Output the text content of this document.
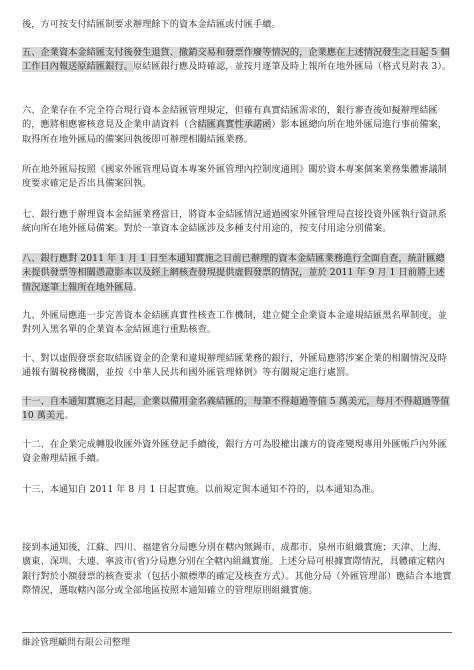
後，方可按支付結匯制要求辦理餘下的資本金結匯或付匯手續。

五、企業資本金結匯支付後發生退貨、撤銷交易和發票作廢等情況的，企業應在上述情況發生之日起 5 個工作日內報送原結匯銀行。原結匯銀行應及時確認，並按月逐筆及時上報所在地外匯局（格式見附表 3）。

六、企業存在不完全符合現行資本金結匯管理規定，但確有真實結匯需求的，銀行審查後如擬辦理結匯的，應將相應審核意見及企業申請資料（含結匯真實性承諾函）影本匯總向所在地外匯局進行事前備案，取得所在地外匯局的備案回執後即可辦理相關結匯業務。

所在地外匯局按照《國家外匯管理局資本專案外匯管理內控制度通則》關於資本專案個案業務集體審議制度要求確定是否出具備案回執。

七、銀行應于辦理資本金結匯業務當日，將資本金結匯情況通過國家外匯管理局直接投資外匯執行資訊系統向所在地外匯局備案。對於一筆資本金結匯涉及多種支付用途的，按支付用途分別備案。

八、銀行應對 2011 年 1 月 1 日至本通知實施之日前已辦理的資本金結匯業務進行全面自查，統計匯總未提供發票等相關憑證影本以及經上網核查發現提供虛假發票的情況，並於 2011 年 9 月 1 日前將上述情況逐筆上報所在地外匯局。

九、外匯局應進一步完善資本金結匯真實性核查工作機制，建立健全企業資本金違規結匯黑名單制度，並對列入黑名單的企業資本金結匯進行重點核查。

十、對以虛假發票套取結匯資金的企業和違規辦理結匯業務的銀行，外匯局應將涉案企業的相關情況及時通報有關稅務機關，並按《中華人民共和國外匯管理條例》等有關規定進行處罰。

十一、自本通知實施之日起，企業以備用金名義結匯的，每筆不得超過等值 5 萬美元，每月不得超過等值 10 萬美元。

十二、在企業完成轉股收匯外資外匯登記手續後，銀行方可為股權出讓方的資產變現專用外匯帳戶內外匯資金辦理結匯手續。

十三、本通知自 2011 年 8 月 1 日起實施。以前規定與本通知不符的，以本通知為准。

接到本通知後，江蘇、四川、福建省分局應分別在轄內無錫市、成都市、泉州市組織實施；天津、上海、廣東、深圳、大連、寧波市(省)分局應分別在全轄內組織實施。上述分局可根據實際情況，具體確定轄內銀行對於小額發票的核查要求（包括小額標準的確定及核查方式）。其他分局（外匯管理部）應結合本地實際情況，選取轄內部分或全部地區按照本通知確立的管理原則組織實施。

維詮管理顧問有限公司整理
